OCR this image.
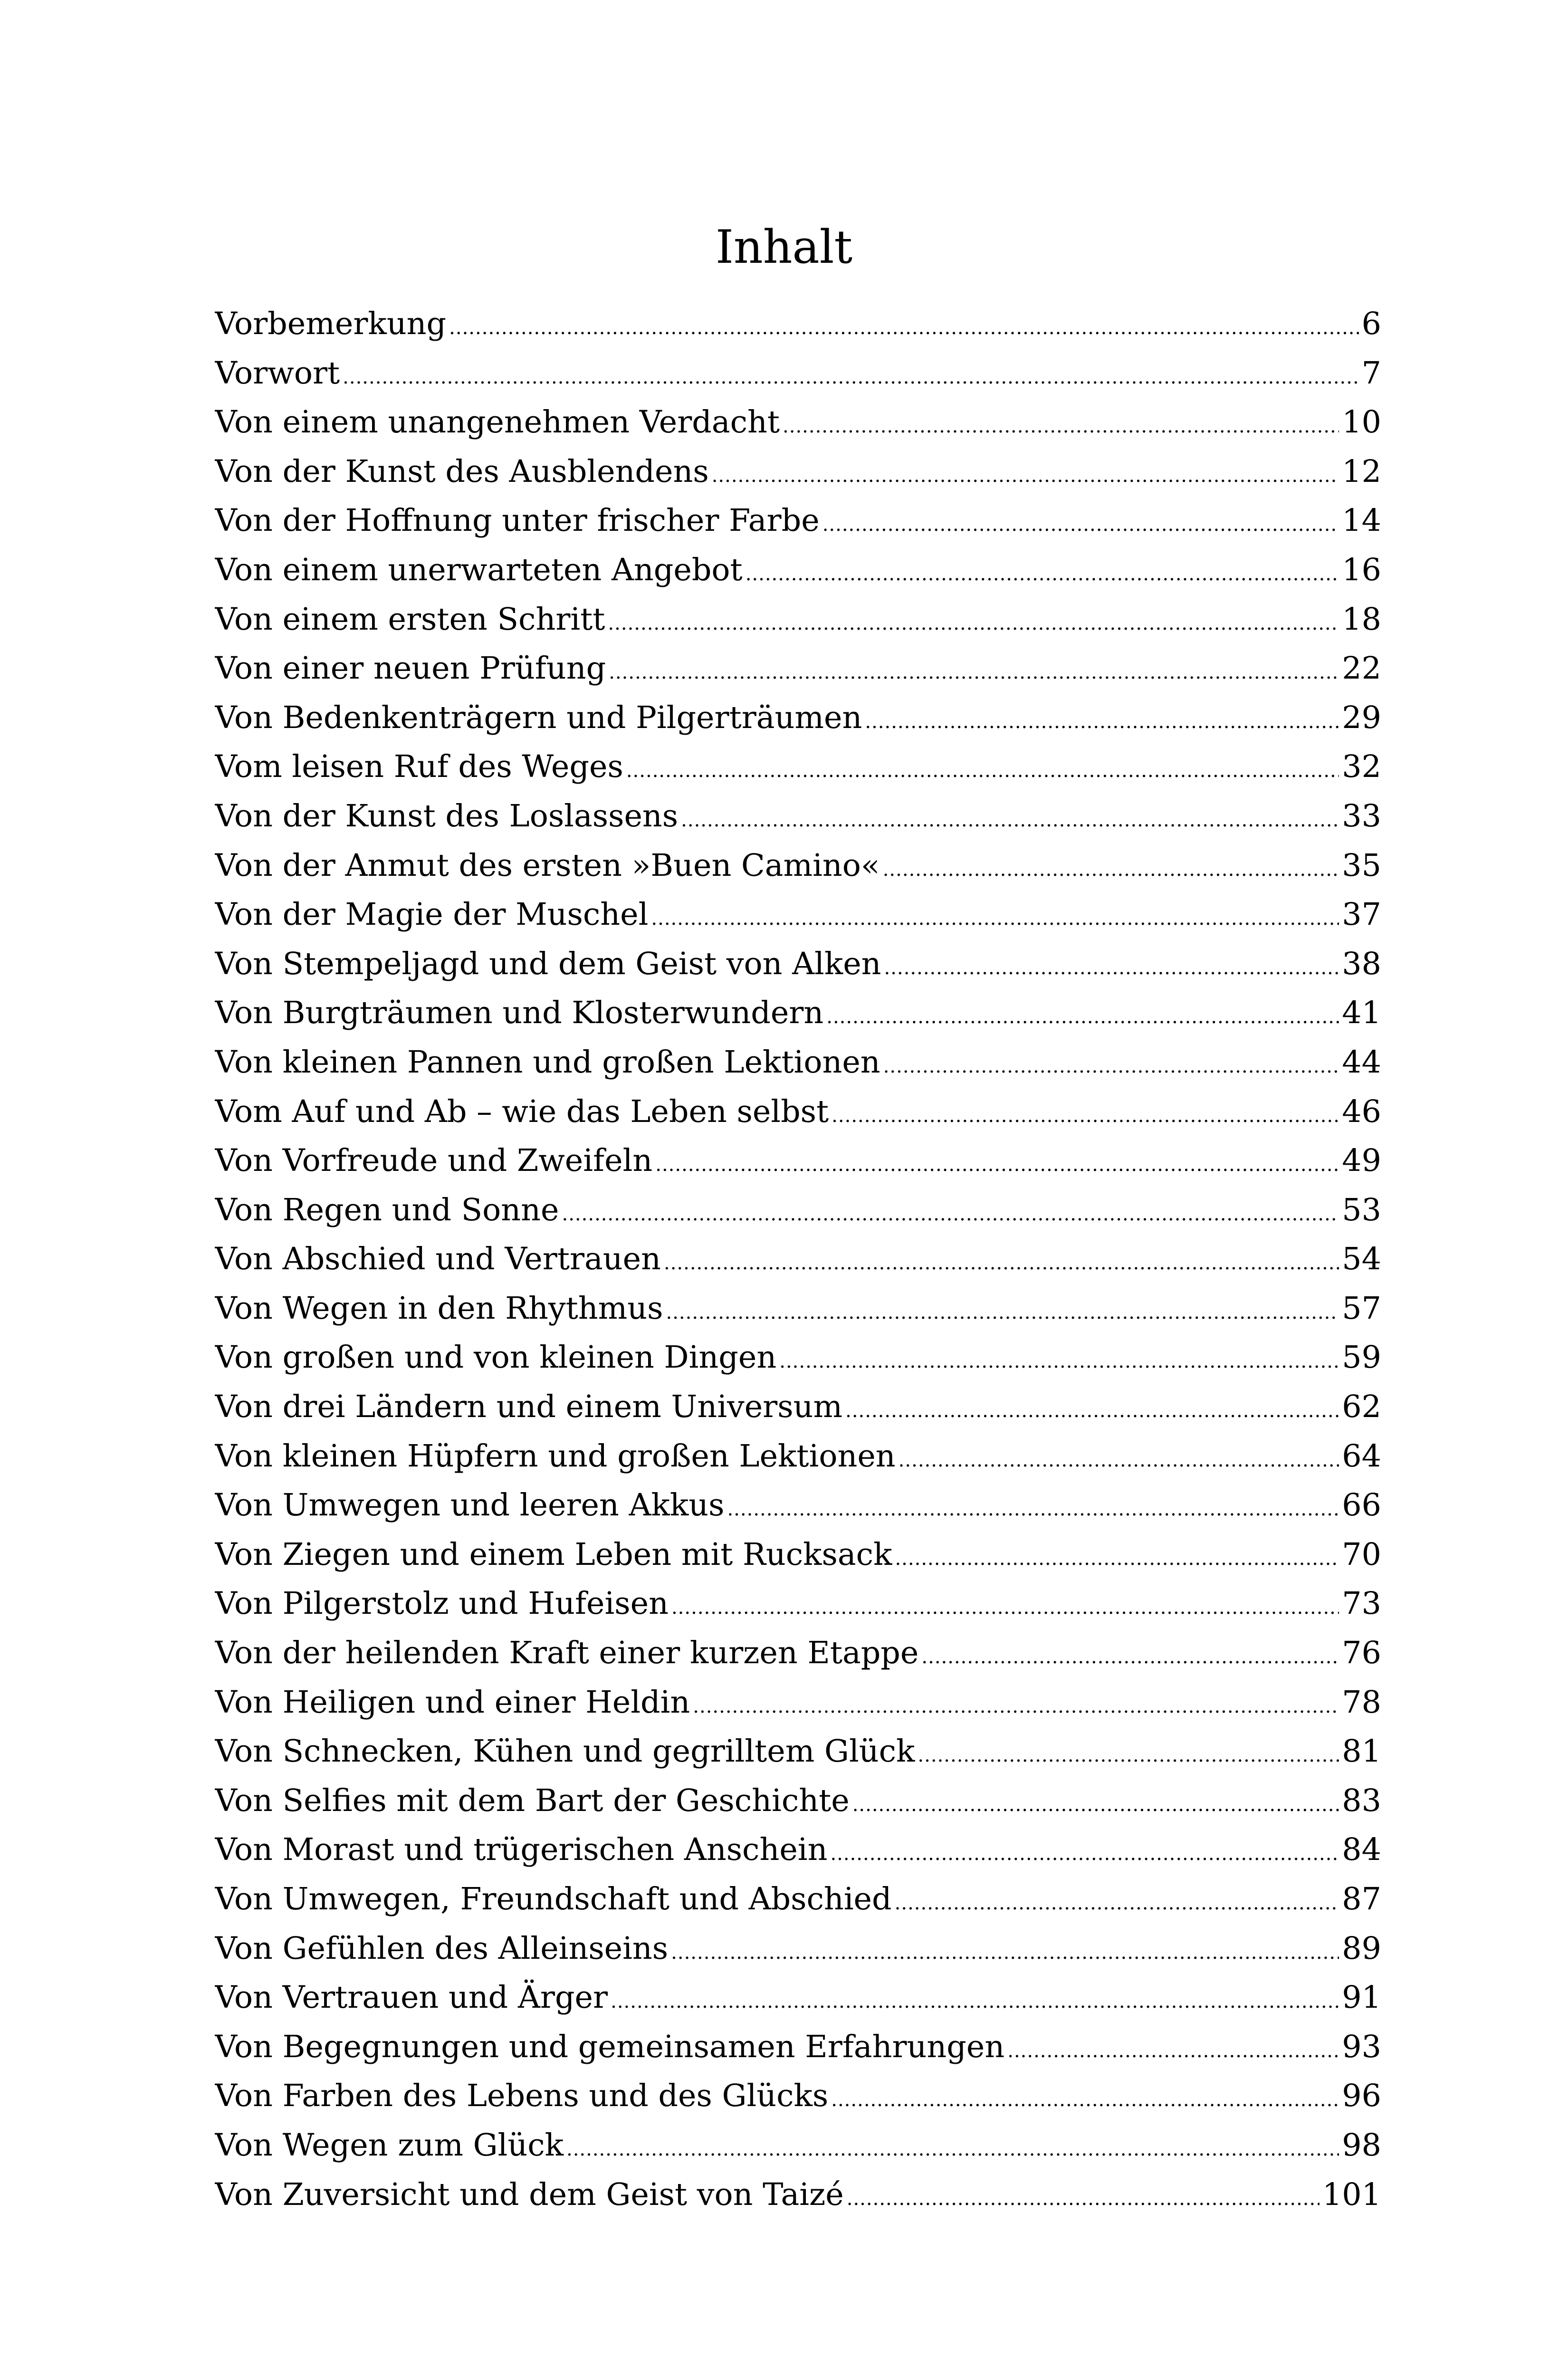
Inhalt
Vorbemerkung .....	6
Vorwort .....	7
Von einem unangenehmen Verdacht .....	10
Von der Kunst des Ausblendens .....	12
Von der Hoffnung unter frischer Farbe .....	14
Von einem unerwarteten Angebot .....	16
Von einem ersten Schritt .....	18
Von einer neuen Prüfung .....	22
Von Bedenkenträgern und Pilgerträumen .....	29
Vom leisen Ruf des Weges .....	32
Von der Kunst des Loslassens .....	33
Von der Anmut des ersten »Buen Camino« .....	35
Von der Magie der Muschel .....	37
Von Stempeljagd und dem Geist von Alken .....	38
Von Burgträumen und Klosterwundern .....	41
Von kleinen Pannen und großen Lektionen .....	44
Vom Auf und Ab – wie das Leben selbst .....	46
Von Vorfreude und Zweifeln .....	49
Von Regen und Sonne .....	53
Von Abschied und Vertrauen .....	54
Von Wegen in den Rhythmus .....	57
Von großen und von kleinen Dingen .....	59
Von drei Ländern und einem Universum .....	62
Von kleinen Hüpfern und großen Lektionen .....	64
Von Umwegen und leeren Akkus .....	66
Von Ziegen und einem Leben mit Rucksack .....	70
Von Pilgerstolz und Hufeisen .....	73
Von der heilenden Kraft einer kurzen Etappe .....	76
Von Heiligen und einer Heldin .....	78
Von Schnecken, Kühen und gegrilltem Glück .....	81
Von Selfies mit dem Bart der Geschichte .....	83
Von Morast und trügerischen Anschein .....	84
Von Umwegen, Freundschaft und Abschied .....	87
Von Gefühlen des Alleinseins .....	89
Von Vertrauen und Ärger .....	91
Von Begegnungen und gemeinsamen Erfahrungen .....	93
Von Farben des Lebens und des Glücks .....	96
Von Wegen zum Glück .....	98
Von Zuversicht und dem Geist von Taizé .....	101
